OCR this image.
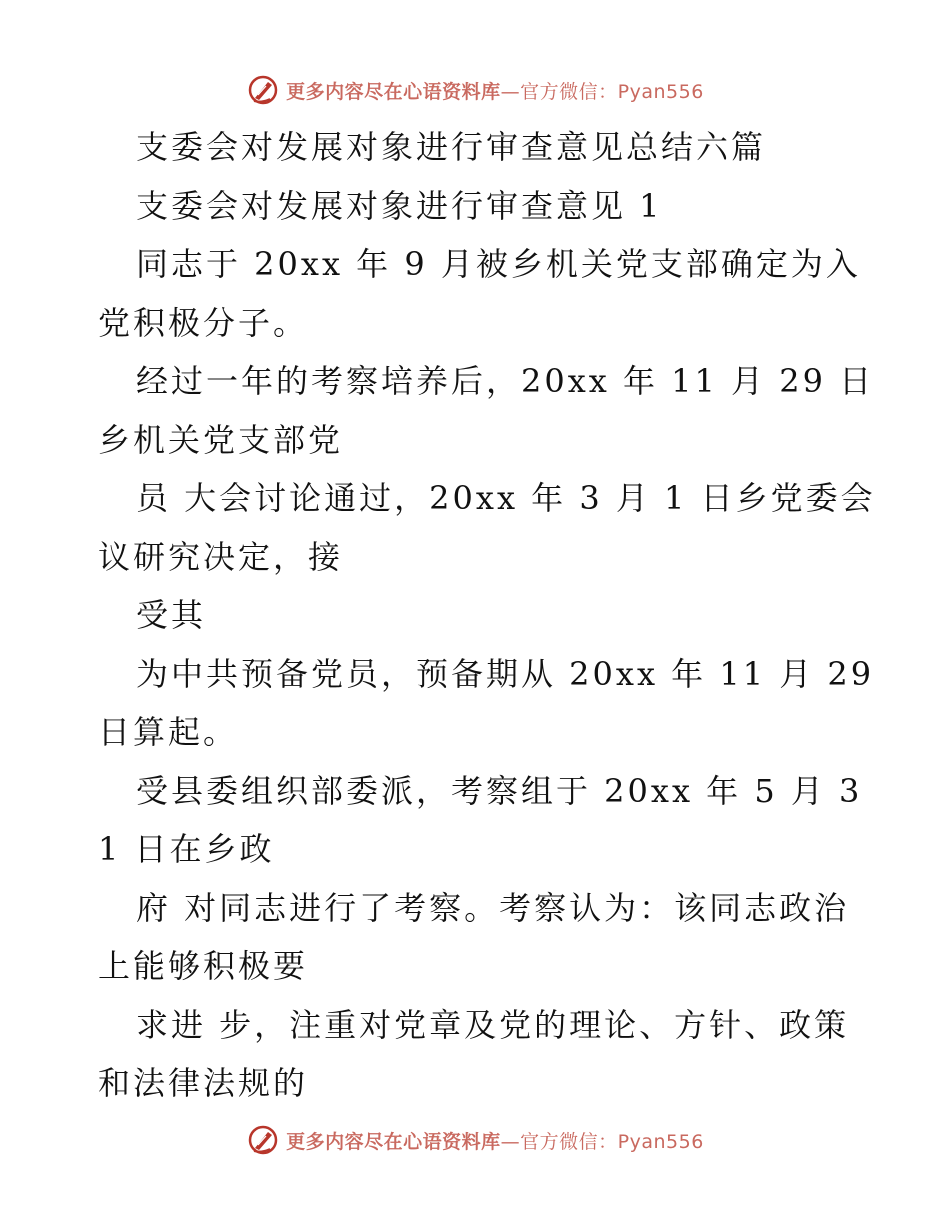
更多内容尽在心语资料库—官方微信：Pyan556
支委会对发展对象进行审查意见总结六篇
支委会对发展对象进行审查意见 1
同志于 20xx 年 9 月被乡机关党支部确定为入
党积极分子。
经过一年的考察培养后，20xx 年 11 月 29 日
乡机关党支部党
员 大会讨论通过，20xx 年 3 月 1 日乡党委会
议研究决定，接
受其
为中共预备党员，预备期从 20xx 年 11 月 29
日算起。
受县委组织部委派，考察组于 20xx 年 5 月 3
1 日在乡政
府 对同志进行了考察。考察认为：该同志政治
上能够积极要
求进 步，注重对党章及党的理论、方针、政策
和法律法规的
更多内容尽在心语资料库—官方微信：Pyan556
